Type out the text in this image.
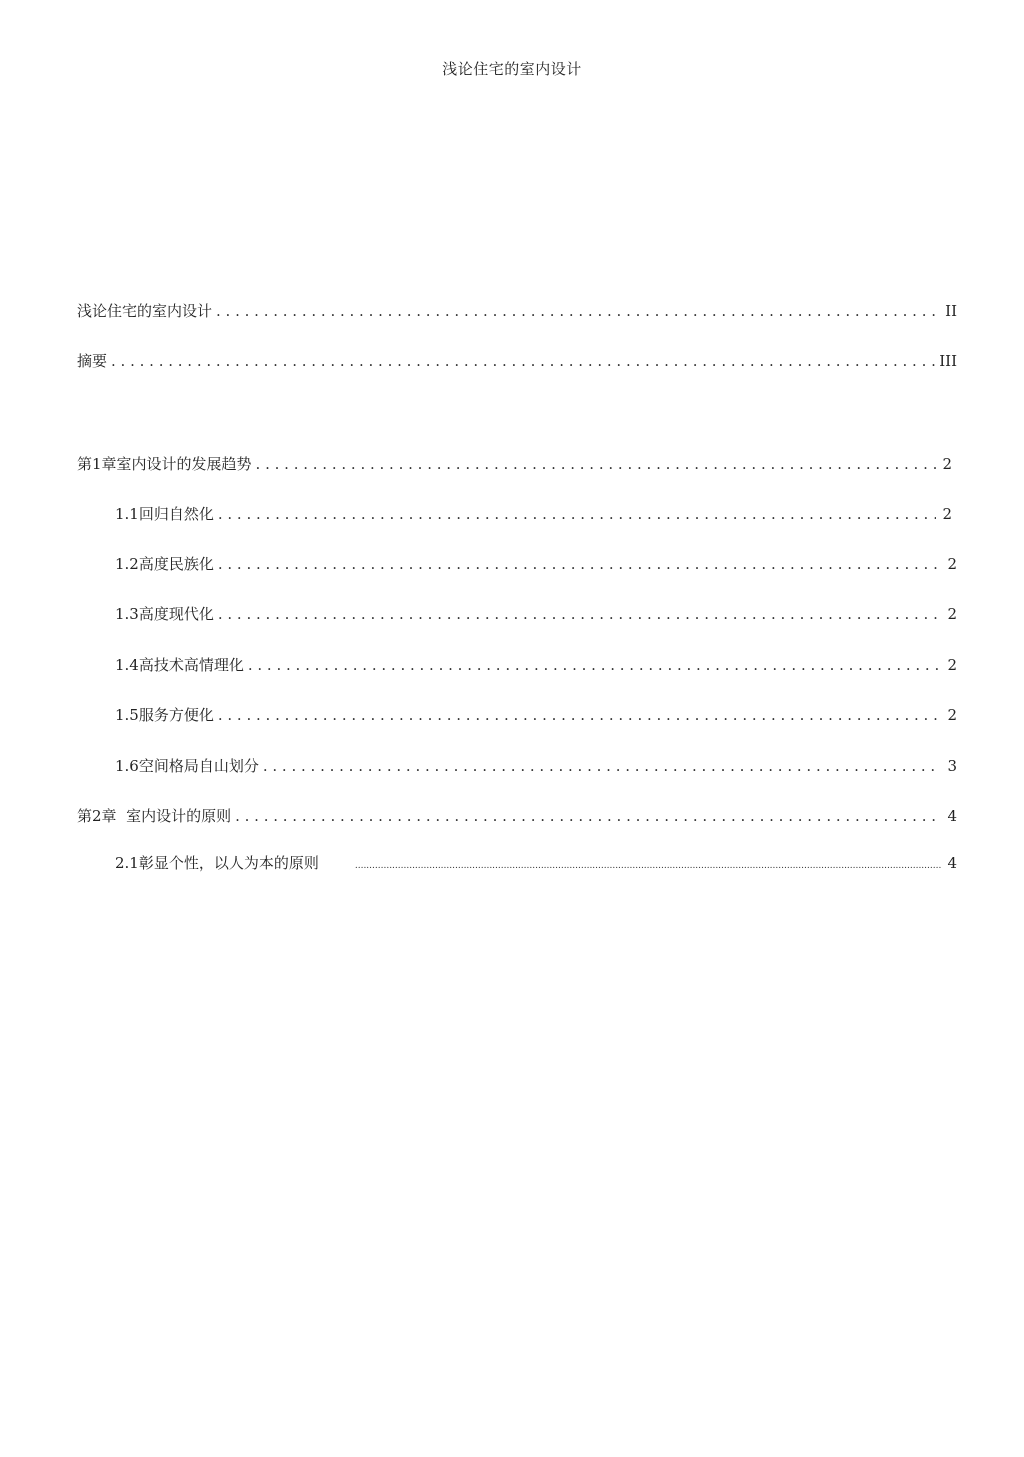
浅论住宅的室内设计
浅论住宅的室内设计 . . .	II
摘要 . . .	III
第1章室内设计的发展趋势 . . .	2
1.1回归自然化 . . .	2
1.2高度民族化 . . .	2
1.3高度现代化 . . .	2
1.4高技术高情理化 . . .	2
1.5服务方便化 . . .	2
1.6空间格局自山划分 . . .	3
第2章  室内设计的原则 . . .	4
2.1彰显个性，以人为本的原则 .....	4
